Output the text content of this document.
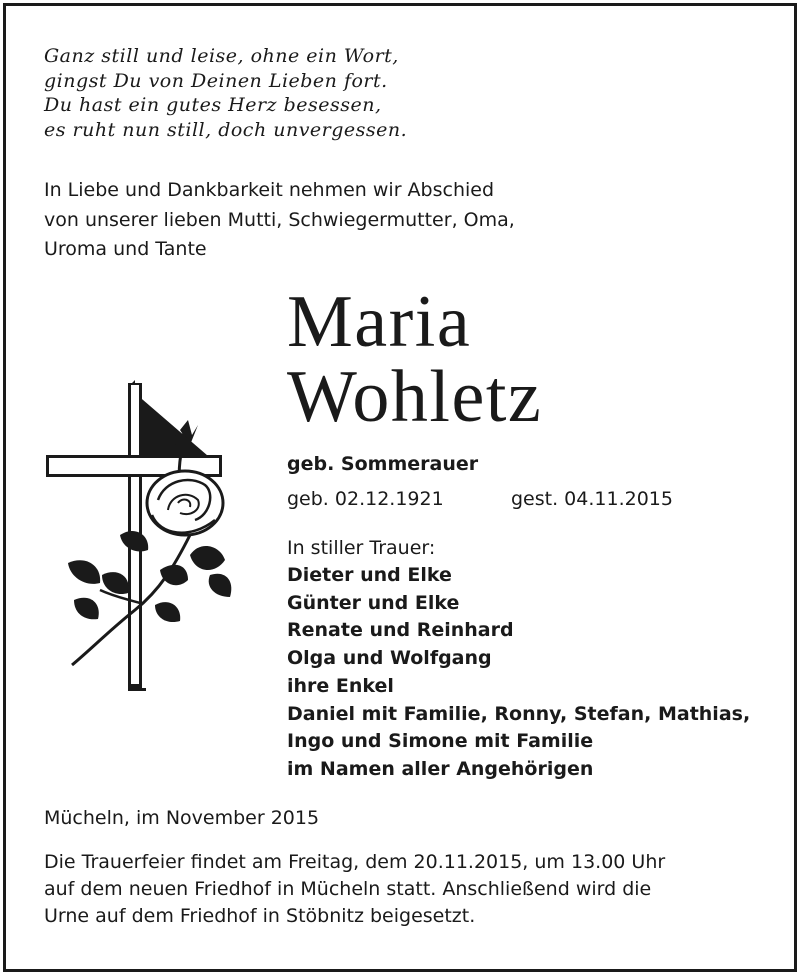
Ganz still und leise, ohne ein Wort,
gingst Du von Deinen Lieben fort.
Du hast ein gutes Herz besessen,
es ruht nun still, doch unvergessen.
In Liebe und Dankbarkeit nehmen wir Abschied
von unserer lieben Mutti, Schwiegermutter, Oma,
Uroma und Tante
Maria
Wohletz
geb. Sommerauer
geb. 02.12.1921	gest. 04.11.2015
In stiller Trauer:
Dieter und Elke
Günter und Elke
Renate und Reinhard
Olga und Wolfgang
ihre Enkel
Daniel mit Familie, Ronny, Stefan, Mathias,
Ingo und Simone mit Familie
im Namen aller Angehörigen
Mücheln, im November 2015
Die Trauerfeier findet am Freitag, dem 20.11.2015, um 13.00 Uhr
auf dem neuen Friedhof in Mücheln statt. Anschließend wird die
Urne auf dem Friedhof in Stöbnitz beigesetzt.
